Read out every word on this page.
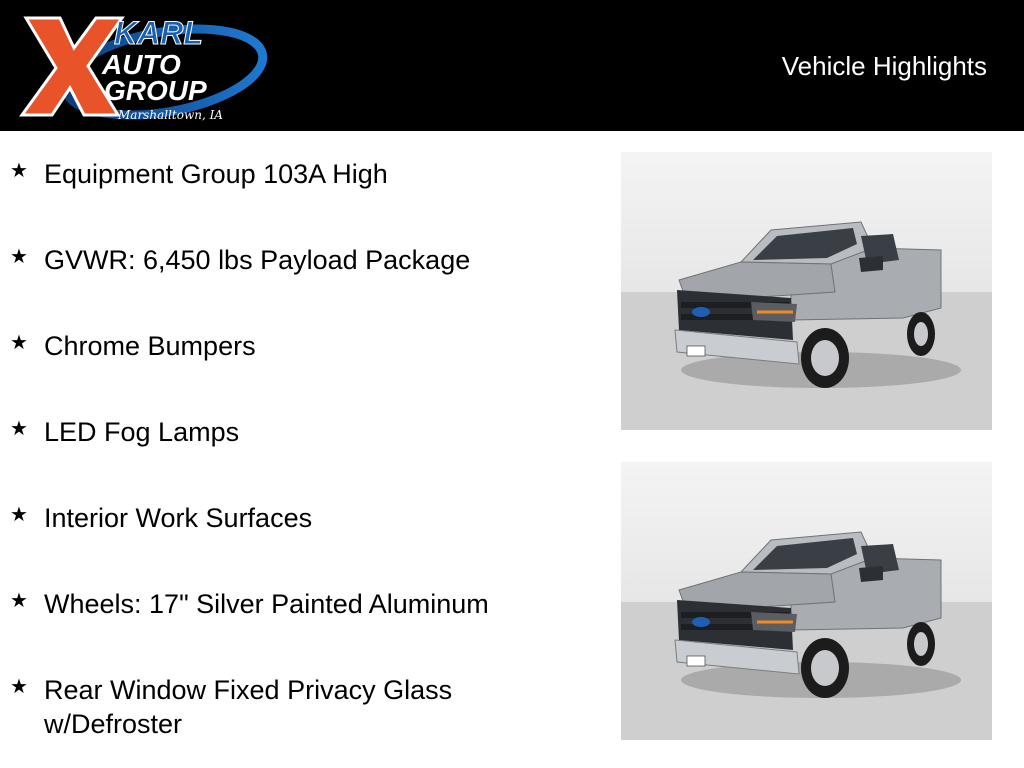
KARL
AUTO
GROUP
Marshalltown, IA
Vehicle Highlights
★ Equipment Group 103A High
★ GVWR: 6,450 lbs Payload Package
★ Chrome Bumpers
★ LED Fog Lamps
★ Interior Work Surfaces
★ Wheels: 17" Silver Painted Aluminum
★ Rear Window Fixed Privacy Glass w/Defroster
